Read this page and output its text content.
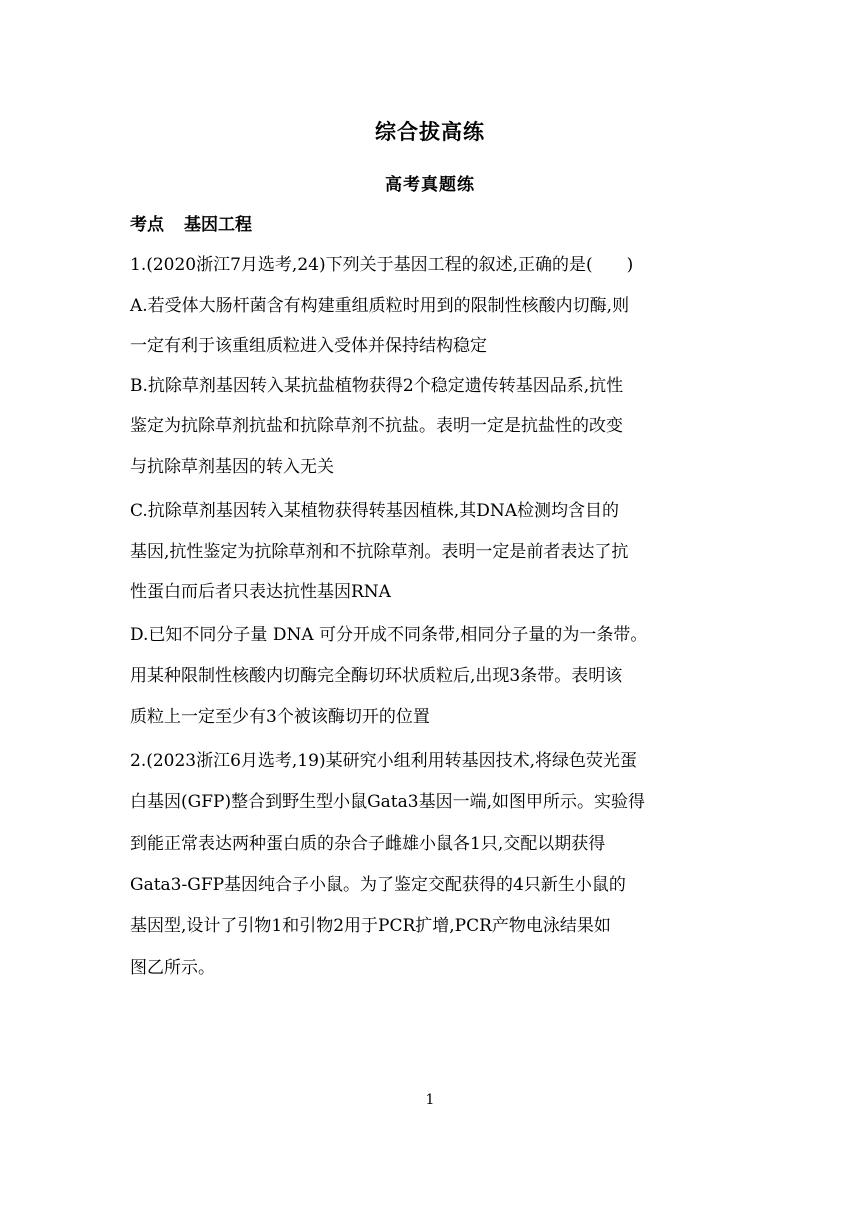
综合拔高练
高考真题练
考点 基因工程
1.(2020浙江7月选考,24)下列关于基因工程的叙述,正确的是(　　)
A.若受体大肠杆菌含有构建重组质粒时用到的限制性核酸内切酶,则
一定有利于该重组质粒进入受体并保持结构稳定
B.抗除草剂基因转入某抗盐植物获得2个稳定遗传转基因品系,抗性
鉴定为抗除草剂抗盐和抗除草剂不抗盐。表明一定是抗盐性的改变
与抗除草剂基因的转入无关
C.抗除草剂基因转入某植物获得转基因植株,其DNA检测均含目的
基因,抗性鉴定为抗除草剂和不抗除草剂。表明一定是前者表达了抗
性蛋白而后者只表达抗性基因RNA
D.已知不同分子量 DNA 可分开成不同条带,相同分子量的为一条带。
用某种限制性核酸内切酶完全酶切环状质粒后,出现3条带。表明该
质粒上一定至少有3个被该酶切开的位置
2.(2023浙江6月选考,19)某研究小组利用转基因技术,将绿色荧光蛋
白基因(GFP)整合到野生型小鼠Gata3基因一端,如图甲所示。实验得
到能正常表达两种蛋白质的杂合子雌雄小鼠各1只,交配以期获得
Gata3-GFP基因纯合子小鼠。为了鉴定交配获得的4只新生小鼠的
基因型,设计了引物1和引物2用于PCR扩增,PCR产物电泳结果如
图乙所示。
1
